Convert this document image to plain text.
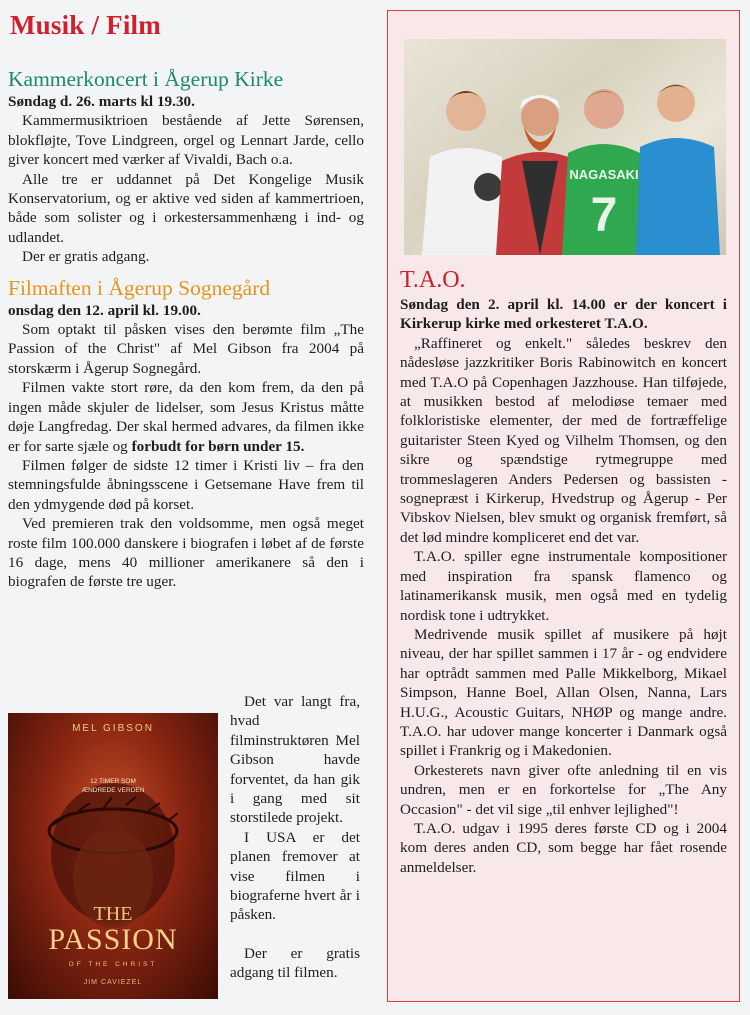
Musik / Film
Kammerkoncert i Ågerup Kirke

Søndag d. 26. marts kl 19.30.

Kammermusiktrioen bestående af Jette Sørensen, blokfløjte, Tove Lindgreen, orgel og Lennart Jarde, cello giver koncert med værker af Vivaldi, Bach o.a.

Alle tre er uddannet på Det Kongelige Musik Konservatorium, og er aktive ved siden af kammertrioen, både som solister og i orkestersammenhæng i ind- og udlandet.

Der er gratis adgang.

Filmaften i Ågerup Sognegård

onsdag den 12. april kl. 19.00.

Som optakt til påsken vises den berømte film „The Passion of the Christ" af Mel Gibson fra 2004 på storskærm i Ågerup Sognegård.

Filmen vakte stort røre, da den kom frem, da den på ingen måde skjuler de lidelser, som Jesus Kristus måtte døje Langfredag. Der skal hermed advares, da filmen ikke er for sarte sjæle og forbudt for børn under 15.

Filmen følger de sidste 12 timer i Kristi liv – fra den stemningsfulde åbningsscene i Getsemane Have frem til den ydmygende død på korset.

Ved premieren trak den voldsomme, men også meget roste film 100.000 danskere i biografen i løbet af de første 16 dage, mens 40 millioner amerikanere så den i biografen de første tre uger.

MEL GIBSON
12 TIMER SOM ÆNDREDE VERDEN
THE
PASSION
OF THE CHRIST
JIM CAVIEZEL

Det var langt fra, hvad filminstruktøren Mel Gibson havde forventet, da han gik i gang med sit storstilede projekt.

I USA er det planen fremover at vise filmen i biograferne hvert år i påsken.

Der er gratis adgang til filmen.

NAGASAKI
7
T.A.O.

Søndag den 2. april kl. 14.00 er der koncert i Kirkerup kirke med orkesteret T.A.O.

„Raffineret og enkelt." således beskrev den nådesløse jazzkritiker Boris Rabinowitch en koncert med T.A.O på Copenhagen Jazzhouse. Han tilføjede, at musikken bestod af melodiøse temaer med folkloristiske elementer, der med de fortræffelige guitarister Steen Kyed og Vilhelm Thomsen, og den sikre og spændstige rytmegruppe med trommeslageren Anders Pedersen og bassisten - sognepræst i Kirkerup, Hvedstrup og Ågerup - Per Vibskov Nielsen, blev smukt og organisk fremført, så det lød mindre kompliceret end det var.

T.A.O. spiller egne instrumentale kompositioner med inspiration fra spansk flamenco og latinamerikansk musik, men også med en tydelig nordisk tone i udtrykket.

Medrivende musik spillet af musikere på højt niveau, der har spillet sammen i 17 år - og endvidere har optrådt sammen med Palle Mikkelborg, Mikael Simpson, Hanne Boel, Allan Olsen, Nanna, Lars H.U.G., Acoustic Guitars, NHØP og mange andre. T.A.O. har udover mange koncerter i Danmark også spillet i Frankrig og i Makedonien.

Orkesterets navn giver ofte anledning til en vis undren, men er en forkortelse for „The Any Occasion" - det vil sige „til enhver lejlighed"!

T.A.O. udgav i 1995 deres første CD og i 2004 kom deres anden CD, som begge har fået rosende anmeldelser.
